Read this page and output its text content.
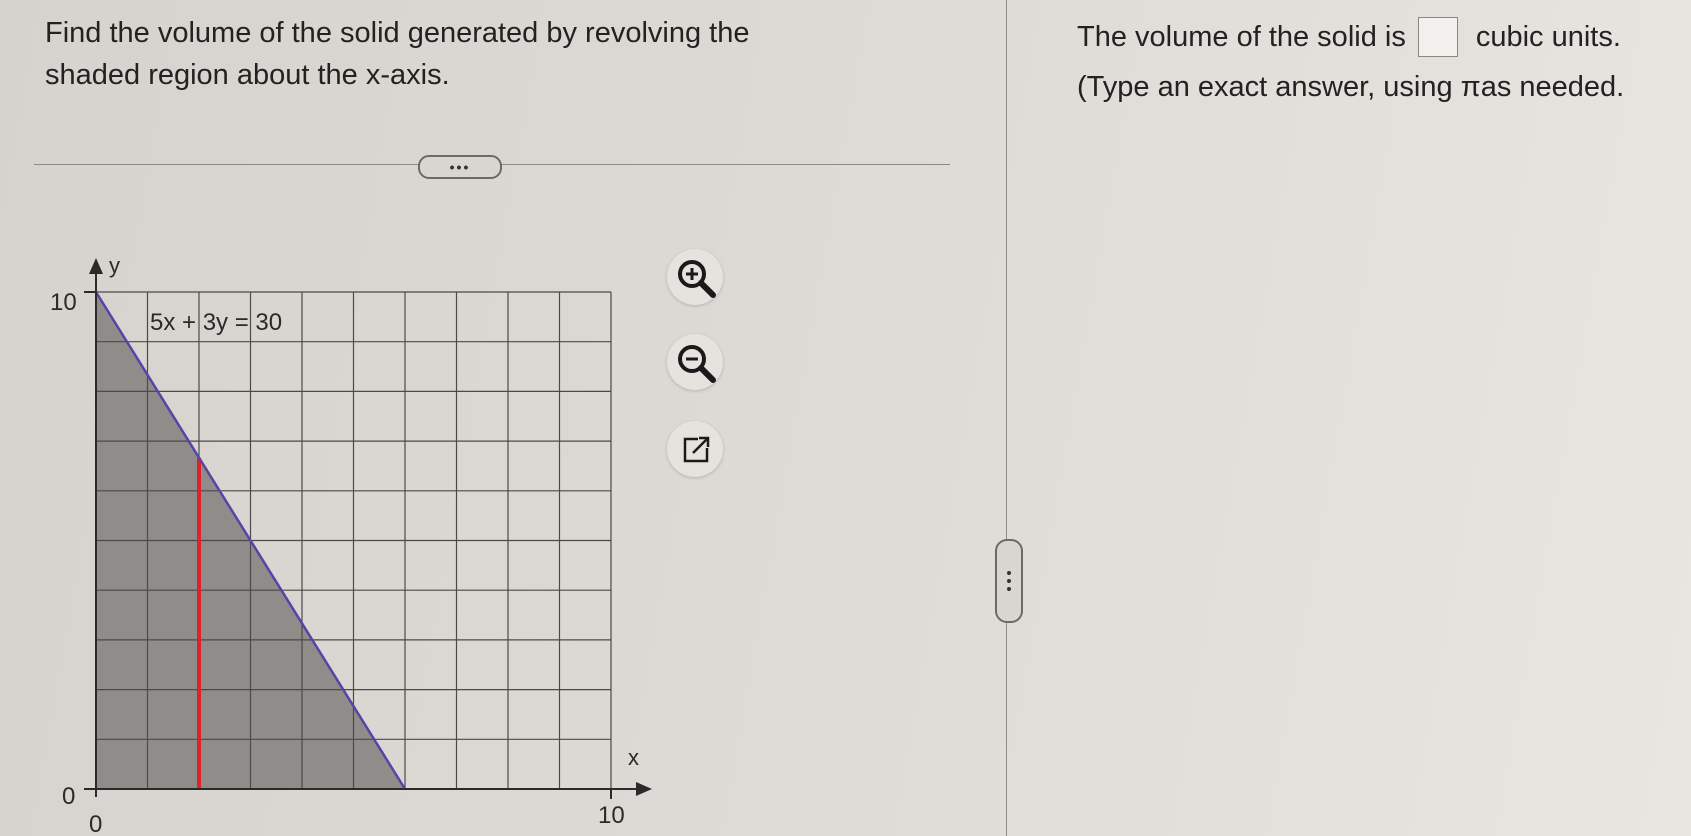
Find the volume of the solid generated by revolving the
shaded region about the x-axis.
•••
5x + 3y = 30
y
x
10
0
0	10
The volume of the solid is cubic units.
(Type an exact answer, using πas needed.
